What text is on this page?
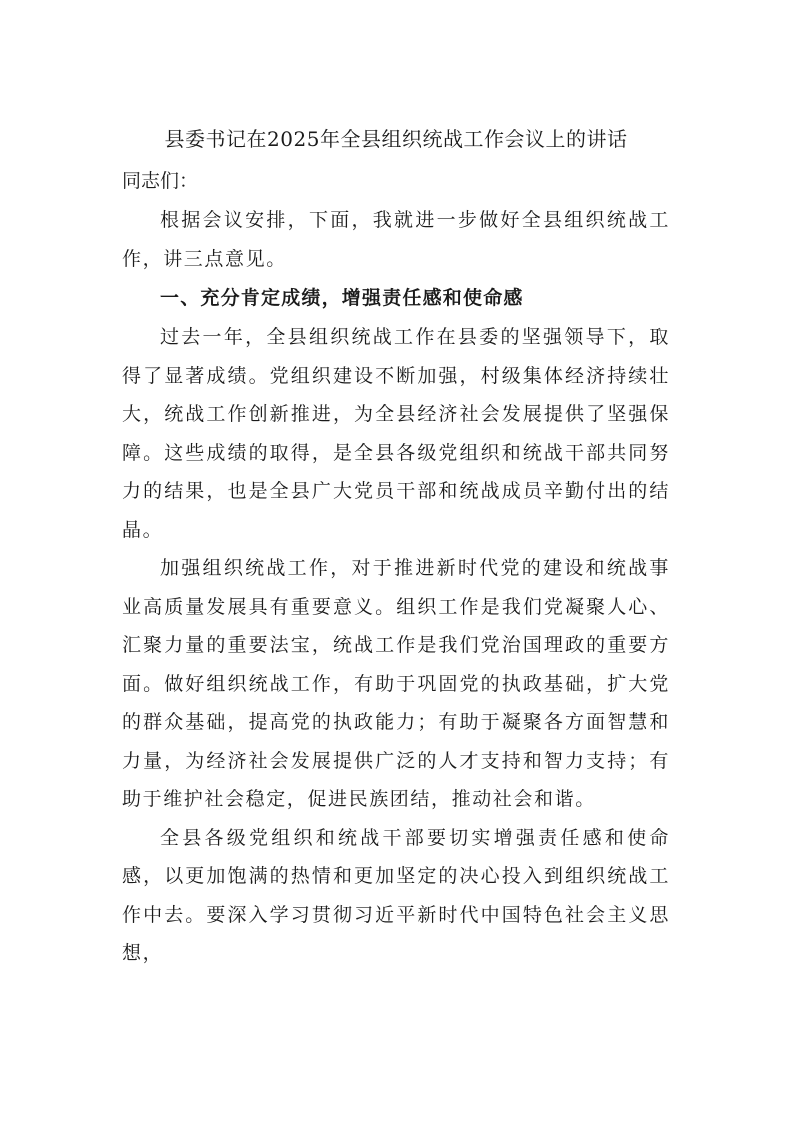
县委书记在2025年全县组织统战工作会议上的讲话

同志们：

根据会议安排，下面，我就进一步做好全县组织统战工作，讲三点意见。

一、充分肯定成绩，增强责任感和使命感

过去一年，全县组织统战工作在县委的坚强领导下，取得了显著成绩。党组织建设不断加强，村级集体经济持续壮大，统战工作创新推进，为全县经济社会发展提供了坚强保障。这些成绩的取得，是全县各级党组织和统战干部共同努力的结果，也是全县广大党员干部和统战成员辛勤付出的结晶。

加强组织统战工作，对于推进新时代党的建设和统战事业高质量发展具有重要意义。组织工作是我们党凝聚人心、汇聚力量的重要法宝，统战工作是我们党治国理政的重要方面。做好组织统战工作，有助于巩固党的执政基础，扩大党的群众基础，提高党的执政能力；有助于凝聚各方面智慧和力量，为经济社会发展提供广泛的人才支持和智力支持；有助于维护社会稳定，促进民族团结，推动社会和谐。

全县各级党组织和统战干部要切实增强责任感和使命感，以更加饱满的热情和更加坚定的决心投入到组织统战工作中去。要深入学习贯彻习近平新时代中国特色社会主义思想，
